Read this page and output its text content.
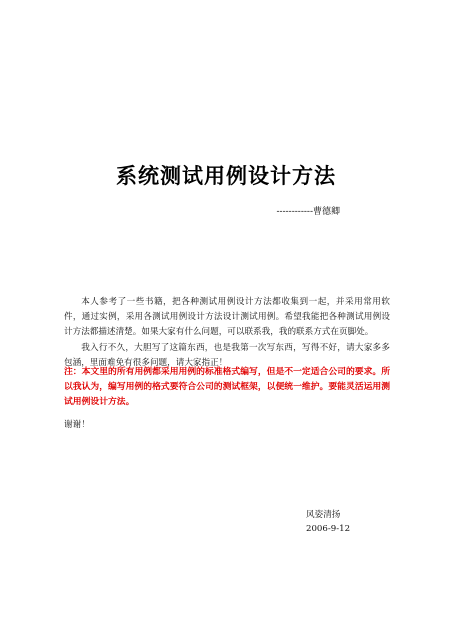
系统测试用例设计方法
------------曹德卿

本人参考了一些书籍，把各种测试用例设计方法都收集到一起，并采用常用软件，通过实例，采用各测试用例设计方法设计测试用例。希望我能把各种测试用例设计方法都描述清楚。如果大家有什么问题，可以联系我，我的联系方式在页脚处。

我入行不久，大胆写了这篇东西，也是我第一次写东西，写得不好，请大家多多包涵，里面难免有很多问题，请大家指正！

注：本文里的所有用例都采用用例的标准格式编写，但是不一定适合公司的要求。所以我认为，编写用例的格式要符合公司的测试框架，以便统一维护。要能灵活运用测试用例设计方法。
谢谢！
风姿清扬
2006-9-12
